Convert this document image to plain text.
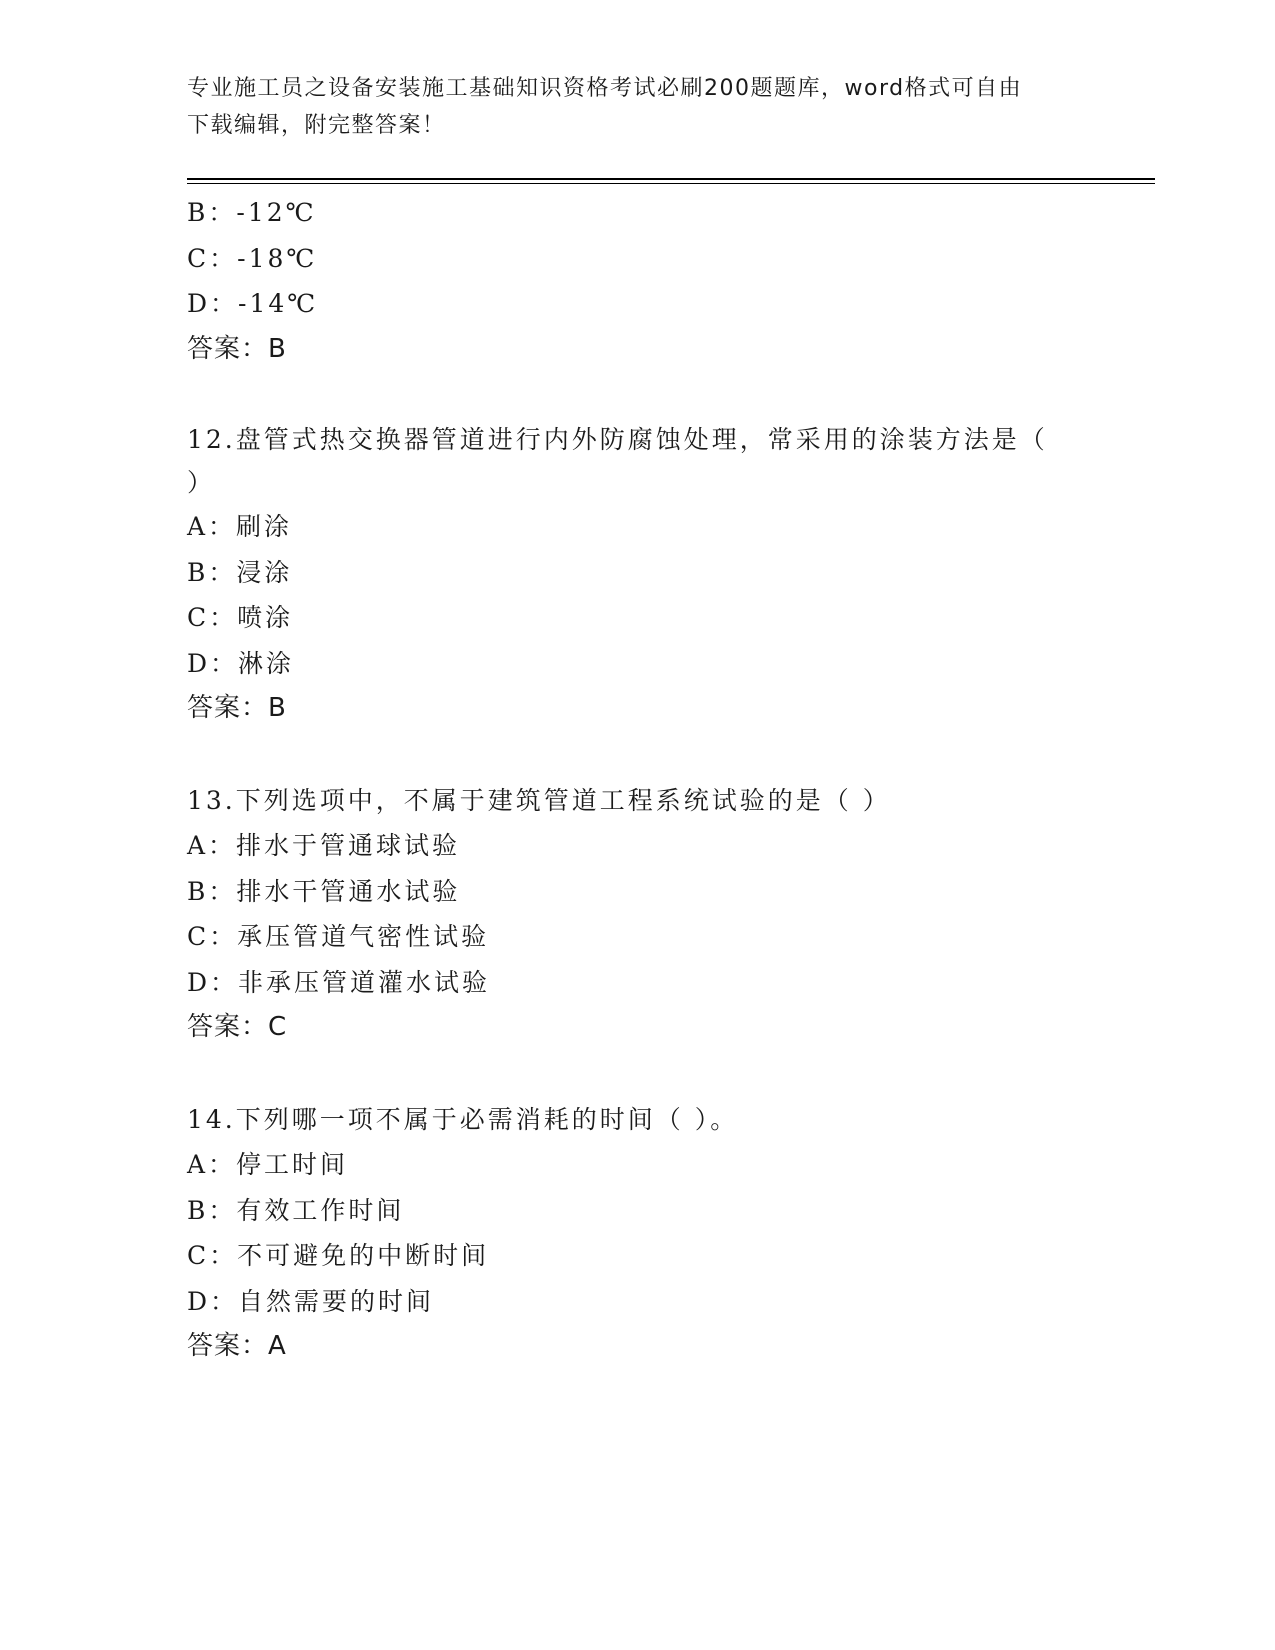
专业施工员之设备安装施工基础知识资格考试必刷200题题库，word格式可自由
下载编辑，附完整答案！
B：-12℃
C：-18℃
D：-14℃
答案：B
12.盘管式热交换器管道进行内外防腐蚀处理，常采用的涂装方法是（
）
A：刷涂
B：浸涂
C：喷涂
D：淋涂
答案：B
13.下列选项中，不属于建筑管道工程系统试验的是（ ）
A：排水于管通球试验
B：排水干管通水试验
C：承压管道气密性试验
D：非承压管道灌水试验
答案：C
14.下列哪一项不属于必需消耗的时间（ ）。
A：停工时间
B：有效工作时间
C：不可避免的中断时间
D：自然需要的时间
答案：A
